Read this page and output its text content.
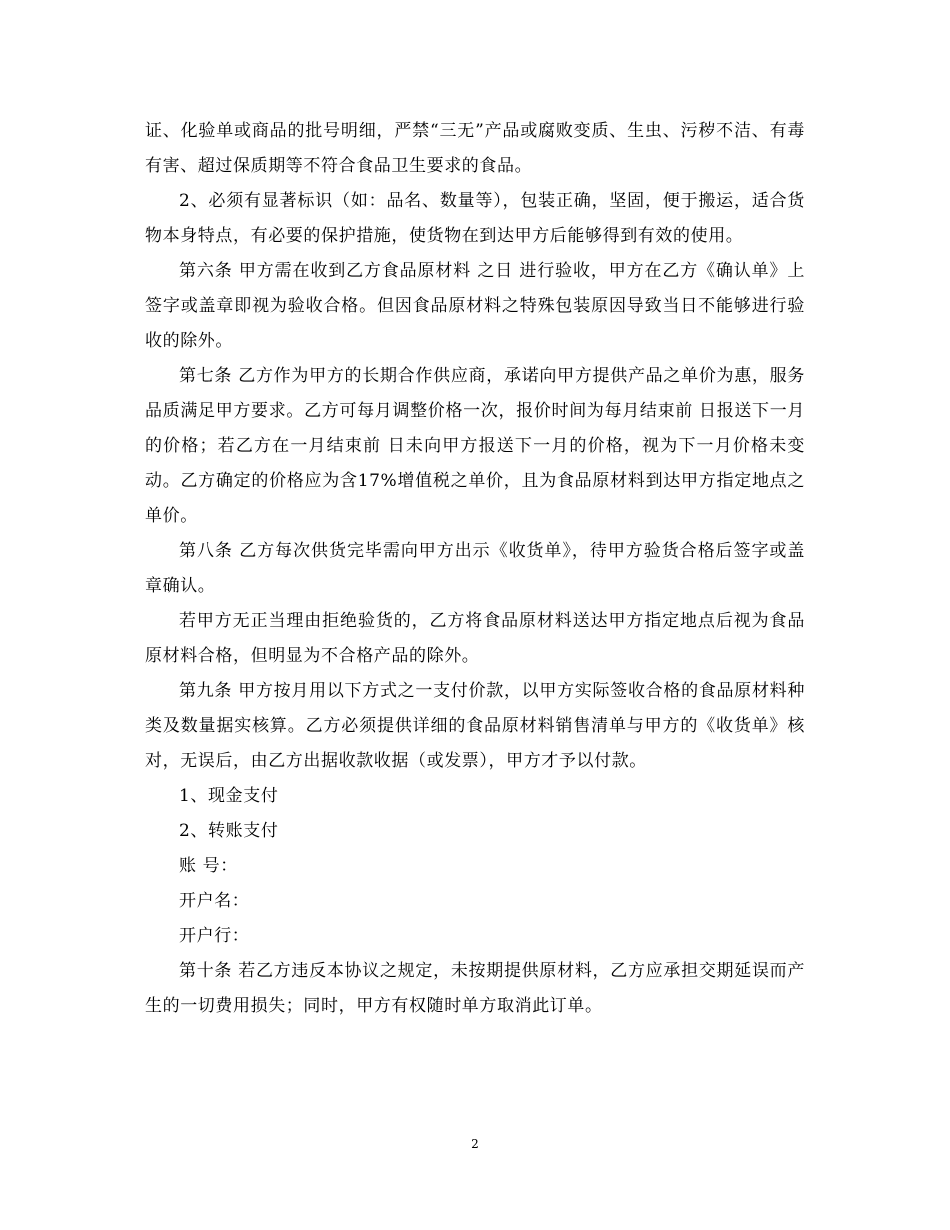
证、化验单或商品的批号明细，严禁“三无”产品或腐败变质、生虫、污秽不洁、有毒有害、超过保质期等不符合食品卫生要求的食品。

2、必须有显著标识（如：品名、数量等），包装正确，坚固，便于搬运，适合货物本身特点，有必要的保护措施，使货物在到达甲方后能够得到有效的使用。

第六条 甲方需在收到乙方食品原材料 之日 进行验收，甲方在乙方《确认单》上签字或盖章即视为验收合格。但因食品原材料之特殊包装原因导致当日不能够进行验收的除外。

第七条 乙方作为甲方的长期合作供应商，承诺向甲方提供产品之单价为惠，服务品质满足甲方要求。乙方可每月调整价格一次，报价时间为每月结束前 日报送下一月的价格；若乙方在一月结束前 日未向甲方报送下一月的价格，视为下一月价格未变动。乙方确定的价格应为含17%增值税之单价，且为食品原材料到达甲方指定地点之单价。

第八条 乙方每次供货完毕需向甲方出示《收货单》，待甲方验货合格后签字或盖章确认。

若甲方无正当理由拒绝验货的，乙方将食品原材料送达甲方指定地点后视为食品原材料合格，但明显为不合格产品的除外。

第九条 甲方按月用以下方式之一支付价款，以甲方实际签收合格的食品原材料种类及数量据实核算。乙方必须提供详细的食品原材料销售清单与甲方的《收货单》核对，无误后，由乙方出据收款收据（或发票），甲方才予以付款。

1、现金支付

2、转账支付

账 号：

开户名：

开户行：

第十条 若乙方违反本协议之规定，未按期提供原材料，乙方应承担交期延误而产生的一切费用损失；同时，甲方有权随时单方取消此订单。

2
